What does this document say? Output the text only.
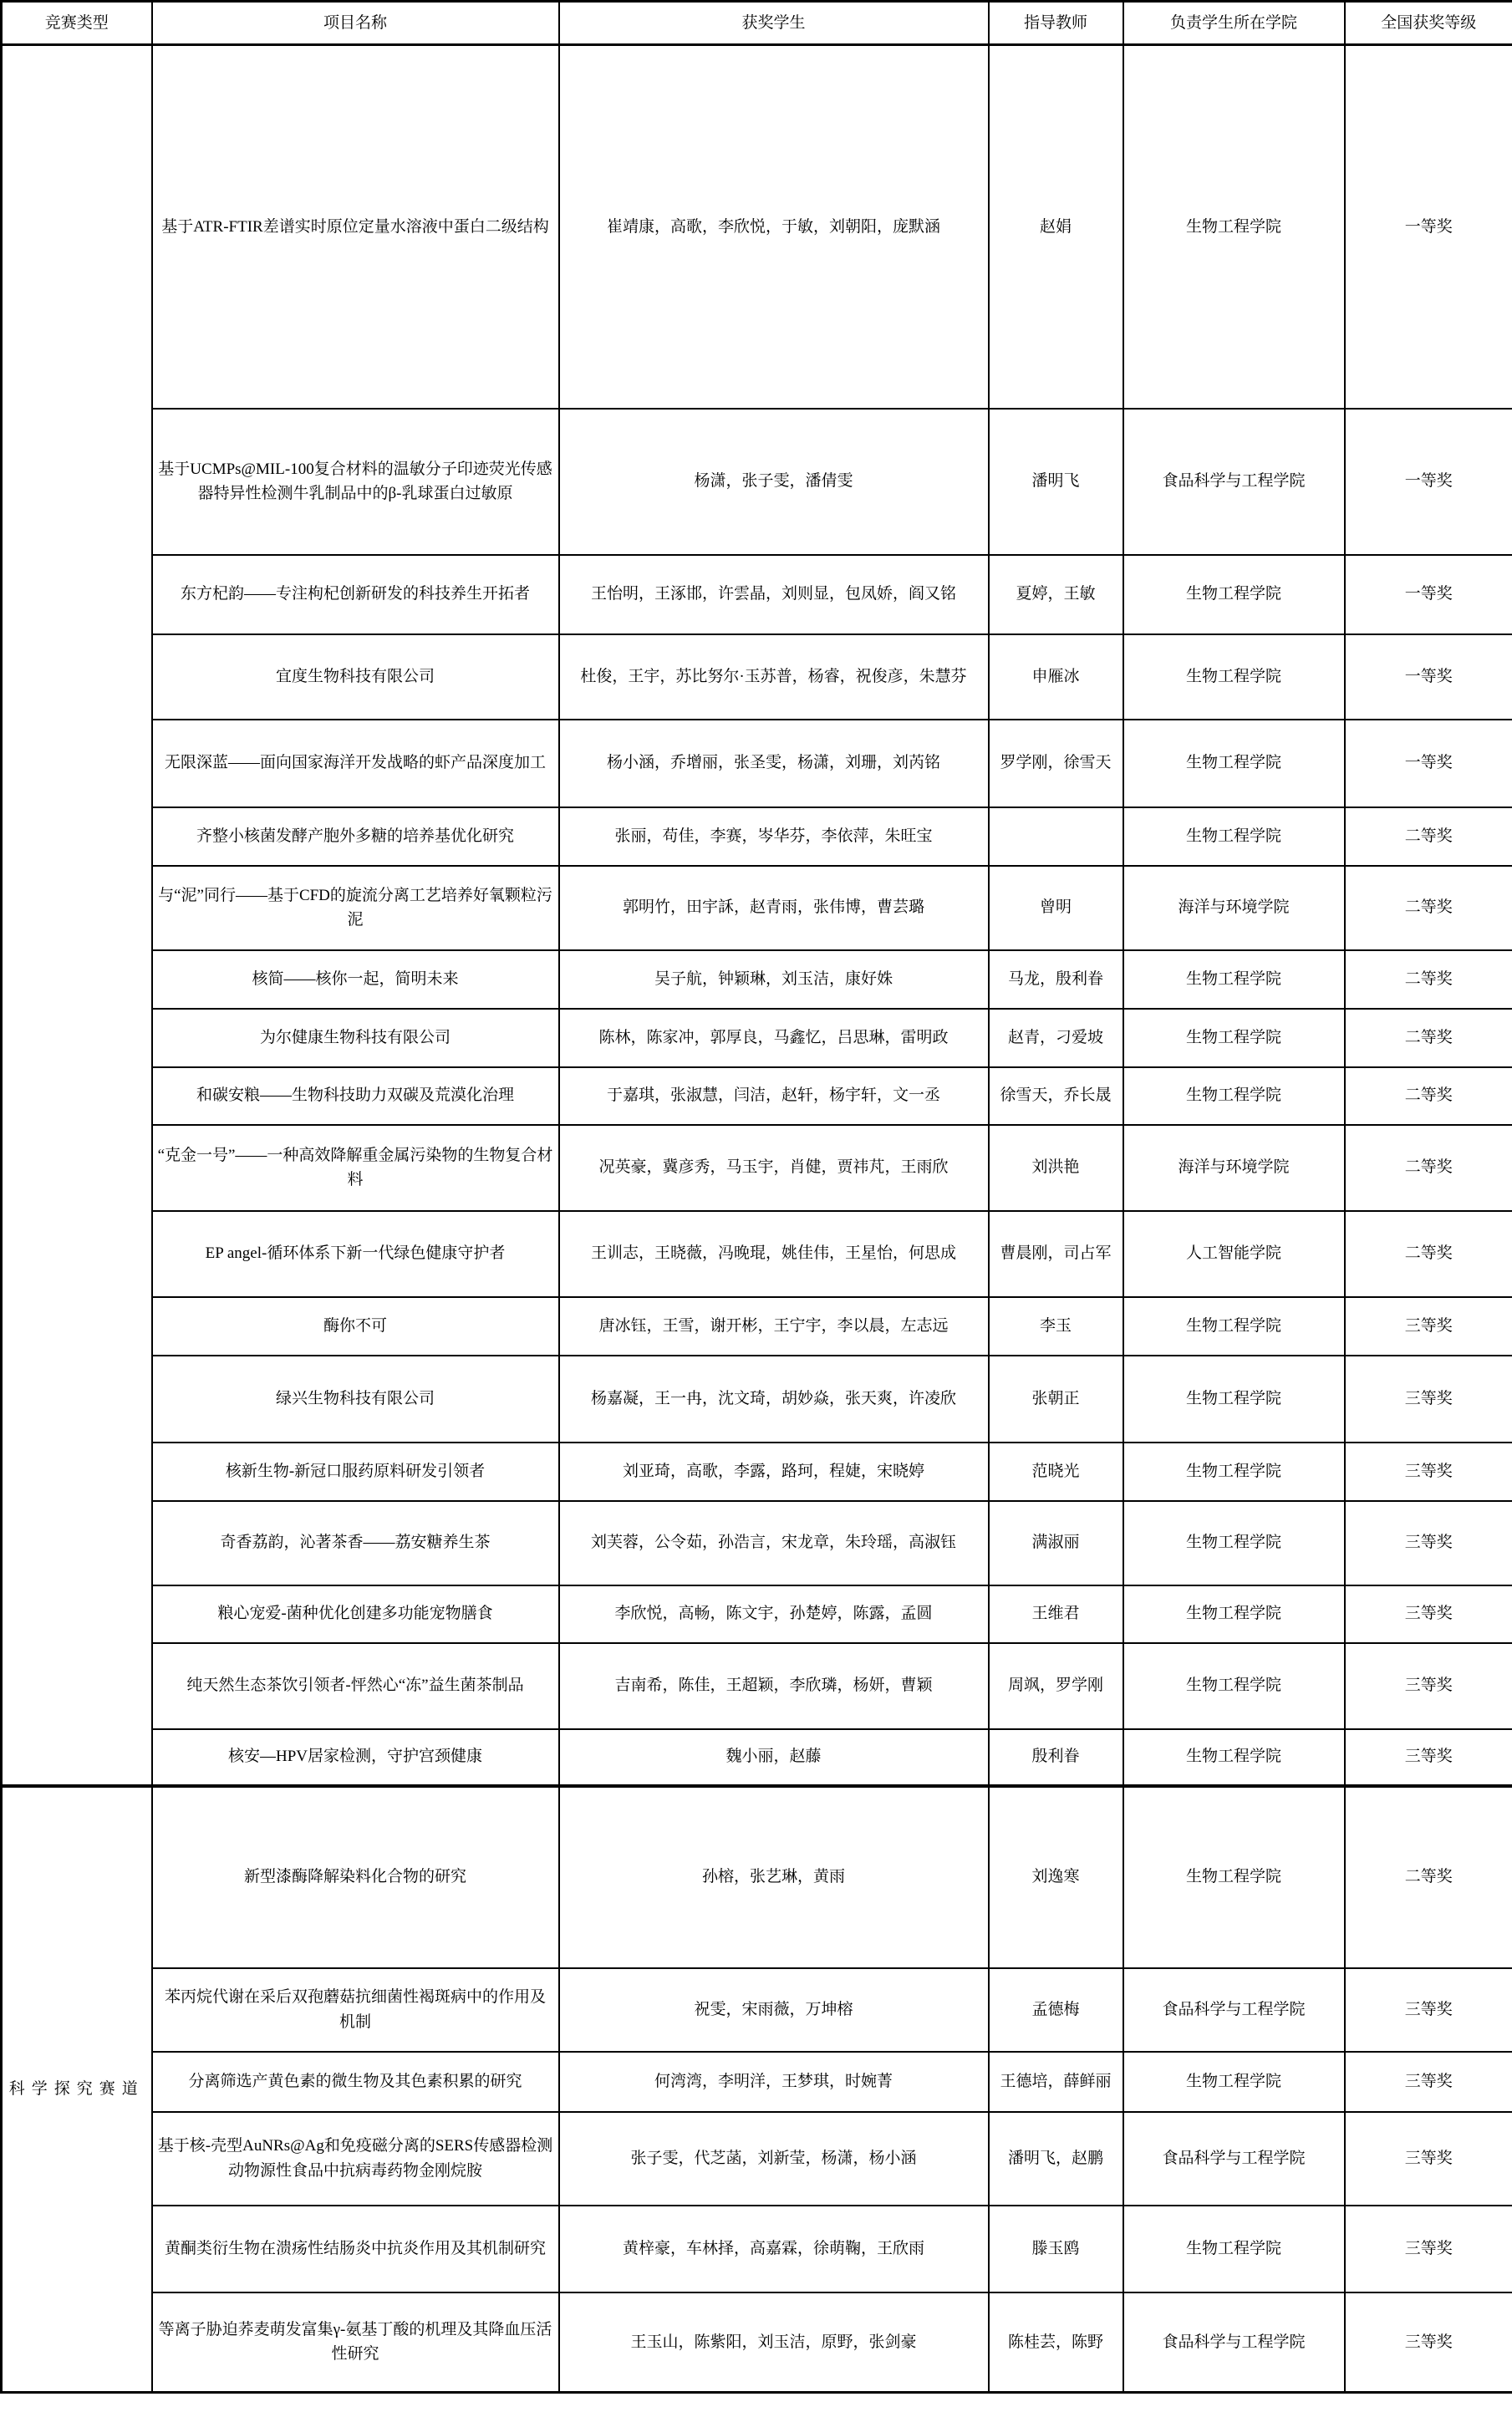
竞赛类型	项目名称	获奖学生	指导教师	负责学生所在学院	全国获奖等级
	基于ATR-FTIR差谱实时原位定量水溶液中蛋白二级结构	崔靖康，高歌，李欣悦，于敏，刘朝阳，庞默涵	赵娟	生物工程学院	一等奖
	基于UCMPs@MIL-100复合材料的温敏分子印迹荧光传感器特异性检测牛乳制品中的β-乳球蛋白过敏原	杨潇，张子雯，潘倩雯	潘明飞	食品科学与工程学院	一等奖
	东方杞韵——专注枸杞创新研发的科技养生开拓者	王怡明，王涿邯，许雲晶，刘则显，包凤娇，阎又铭	夏婷，王敏	生物工程学院	一等奖
	宜度生物科技有限公司	杜俊，王宇，苏比努尔·玉苏普，杨睿，祝俊彦，朱慧芬	申雁冰	生物工程学院	一等奖
	无限深蓝——面向国家海洋开发战略的虾产品深度加工	杨小涵，乔增丽，张圣雯，杨潇，刘珊，刘芮铭	罗学刚，徐雪天	生物工程学院	一等奖
	齐整小核菌发酵产胞外多糖的培养基优化研究	张丽，苟佳，李赛，岑华芬，李依萍，朱旺宝		生物工程学院	二等奖
	与“泥”同行——基于CFD的旋流分离工艺培养好氧颗粒污泥	郭明竹，田宇訸，赵青雨，张伟博，曹芸璐	曾明	海洋与环境学院	二等奖
	核简——核你一起，简明未来	吴子航，钟颖琳，刘玉洁，康好姝	马龙，殷利眷	生物工程学院	二等奖
	为尔健康生物科技有限公司	陈林，陈家冲，郭厚良，马鑫忆，吕思琳，雷明政	赵青，刁爱坡	生物工程学院	二等奖
	和碳安粮——生物科技助力双碳及荒漠化治理	于嘉琪，张淑慧，闫洁，赵轩，杨宇轩，文一丞	徐雪天，乔长晟	生物工程学院	二等奖
	“克金一号”——一种高效降解重金属污染物的生物复合材料	况英豪，冀彦秀，马玉宇，肖健，贾祎芃，王雨欣	刘洪艳	海洋与环境学院	二等奖
	EP angel-循环体系下新一代绿色健康守护者	王训志，王晓薇，冯晚琨，姚佳伟，王星怡，何思成	曹晨刚，司占军	人工智能学院	二等奖
	酶你不可	唐冰钰，王雪，谢开彬，王宁宇，李以晨，左志远	李玉	生物工程学院	三等奖
	绿兴生物科技有限公司	杨嘉凝，王一冉，沈文琦，胡妙焱，张天爽，许凌欣	张朝正	生物工程学院	三等奖
	核新生物-新冠口服药原料研发引领者	刘亚琦，高歌，李露，路珂，程婕，宋晓婷	范晓光	生物工程学院	三等奖
	奇香荔韵，沁著茶香——荔安糖养生茶	刘芙蓉，公令茹，孙浩言，宋龙章，朱玲瑶，高淑钰	满淑丽	生物工程学院	三等奖
	粮心宠爱-菌种优化创建多功能宠物膳食	李欣悦，高畅，陈文宇，孙楚婷，陈露，孟圆	王维君	生物工程学院	三等奖
	纯天然生态茶饮引领者-怦然心“冻”益生菌茶制品	吉南希，陈佳，王超颖，李欣璘，杨妍，曹颖	周飒，罗学刚	生物工程学院	三等奖
	核安—HPV居家检测，守护宫颈健康	魏小丽，赵藤	殷利眷	生物工程学院	三等奖
科学探究赛道	新型漆酶降解染料化合物的研究	孙榕，张艺琳，黄雨	刘逸寒	生物工程学院	二等奖
	苯丙烷代谢在采后双孢蘑菇抗细菌性褐斑病中的作用及机制	祝雯，宋雨薇，万坤榕	孟德梅	食品科学与工程学院	三等奖
	分离筛选产黄色素的微生物及其色素积累的研究	何湾湾，李明洋，王梦琪，时婉菁	王德培，薛鲜丽	生物工程学院	三等奖
	基于核-壳型AuNRs@Ag和免疫磁分离的SERS传感器检测动物源性食品中抗病毒药物金刚烷胺	张子雯，代芝菡，刘新莹，杨潇，杨小涵	潘明飞，赵鹏	食品科学与工程学院	三等奖
	黄酮类衍生物在溃疡性结肠炎中抗炎作用及其机制研究	黄梓豪，车林择，高嘉霖，徐萌鞠，王欣雨	滕玉鸥	生物工程学院	三等奖
	等离子胁迫荞麦萌发富集γ-氨基丁酸的机理及其降血压活性研究	王玉山，陈紫阳，刘玉洁，原野，张剑豪	陈桂芸，陈野	食品科学与工程学院	三等奖
